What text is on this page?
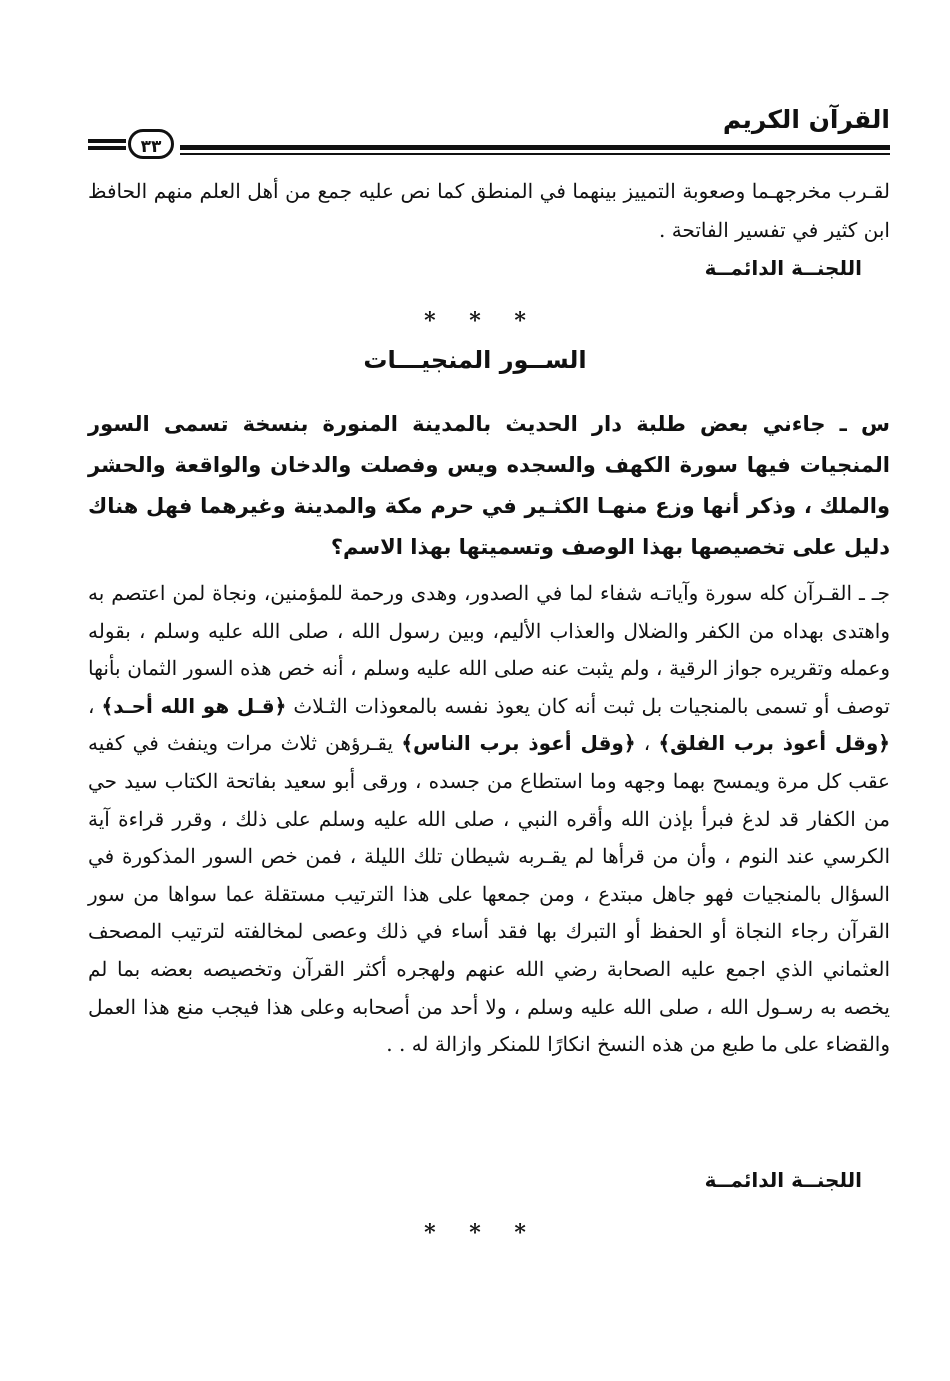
القرآن الكريم
٣٣
لقـرب مخرجهـما وصعوبة التمييز بينهما في المنطق كما نص عليه جمع من أهل العلم منهم الحافظ ابن كثير في تفسير الفاتحة .
اللجنــة الدائمــة
* * *
الســور المنجيـــات
س ـ جاءني بعض طلبة دار الحديث بالمدينة المنورة بنسخة تسمى السور المنجيات فيها سورة الكهف والسجده ويس وفصلت والدخان والواقعة والحشر والملك ، وذكر أنها وزع منهـا الكثـير في حرم مكة والمدينة وغيرهما فهل هناك دليل على تخصيصها بهذا الوصف وتسميتها بهذا الاسم؟
جـ ـ القـرآن كله سورة وآياتـه شفاء لما في الصدور، وهدى ورحمة للمؤمنين، ونجاة لمن اعتصم به واهتدى بهداه من الكفر والضلال والعذاب الأليم، وبين رسول الله ، صلى الله عليه وسلم ، بقوله وعمله وتقريره جواز الرقية ، ولم يثبت عنه صلى الله عليه وسلم ، أنه خص هذه السور الثمان بأنها توصف أو تسمى بالمنجيات بل ثبت أنه كان يعوذ نفسه بالمعوذات الثـلاث ﴿قـل هو الله أحـد﴾ ، ﴿وقل أعوذ برب الفلق﴾ ، ﴿وقل أعوذ برب الناس﴾ يقـرؤهن ثلاث مرات وينفث في كفيه عقب كل مرة ويمسح بهما وجهه وما استطاع من جسده ، ورقى أبو سعيد بفاتحة الكتاب سيد حي من الكفار قد لدغ فبرأ بإذن الله وأقره النبي ، صلى الله عليه وسلم على ذلك ، وقرر قراءة آية الكرسي عند النوم ، وأن من قرأها لم يقـربه شيطان تلك الليلة ، فمن خص السور المذكورة في السؤال بالمنجيات فهو جاهل مبتدع ، ومن جمعها على هذا الترتيب مستقلة عما سواها من سور القرآن رجاء النجاة أو الحفظ أو التبرك بها فقد أساء في ذلك وعصى لمخالفته لترتيب المصحف العثماني الذي اجمع عليه الصحابة رضي الله عنهم ولهجره أكثر القرآن وتخصيصه بعضه بما لم يخصه به رسـول الله ، صلى الله عليه وسلم ، ولا أحد من أصحابه وعلى هذا فيجب منع هذا العمل والقضاء على ما طبع من هذه النسخ انكارًا للمنكر وازالة له . .
اللجنــة الدائمــة
* * *
